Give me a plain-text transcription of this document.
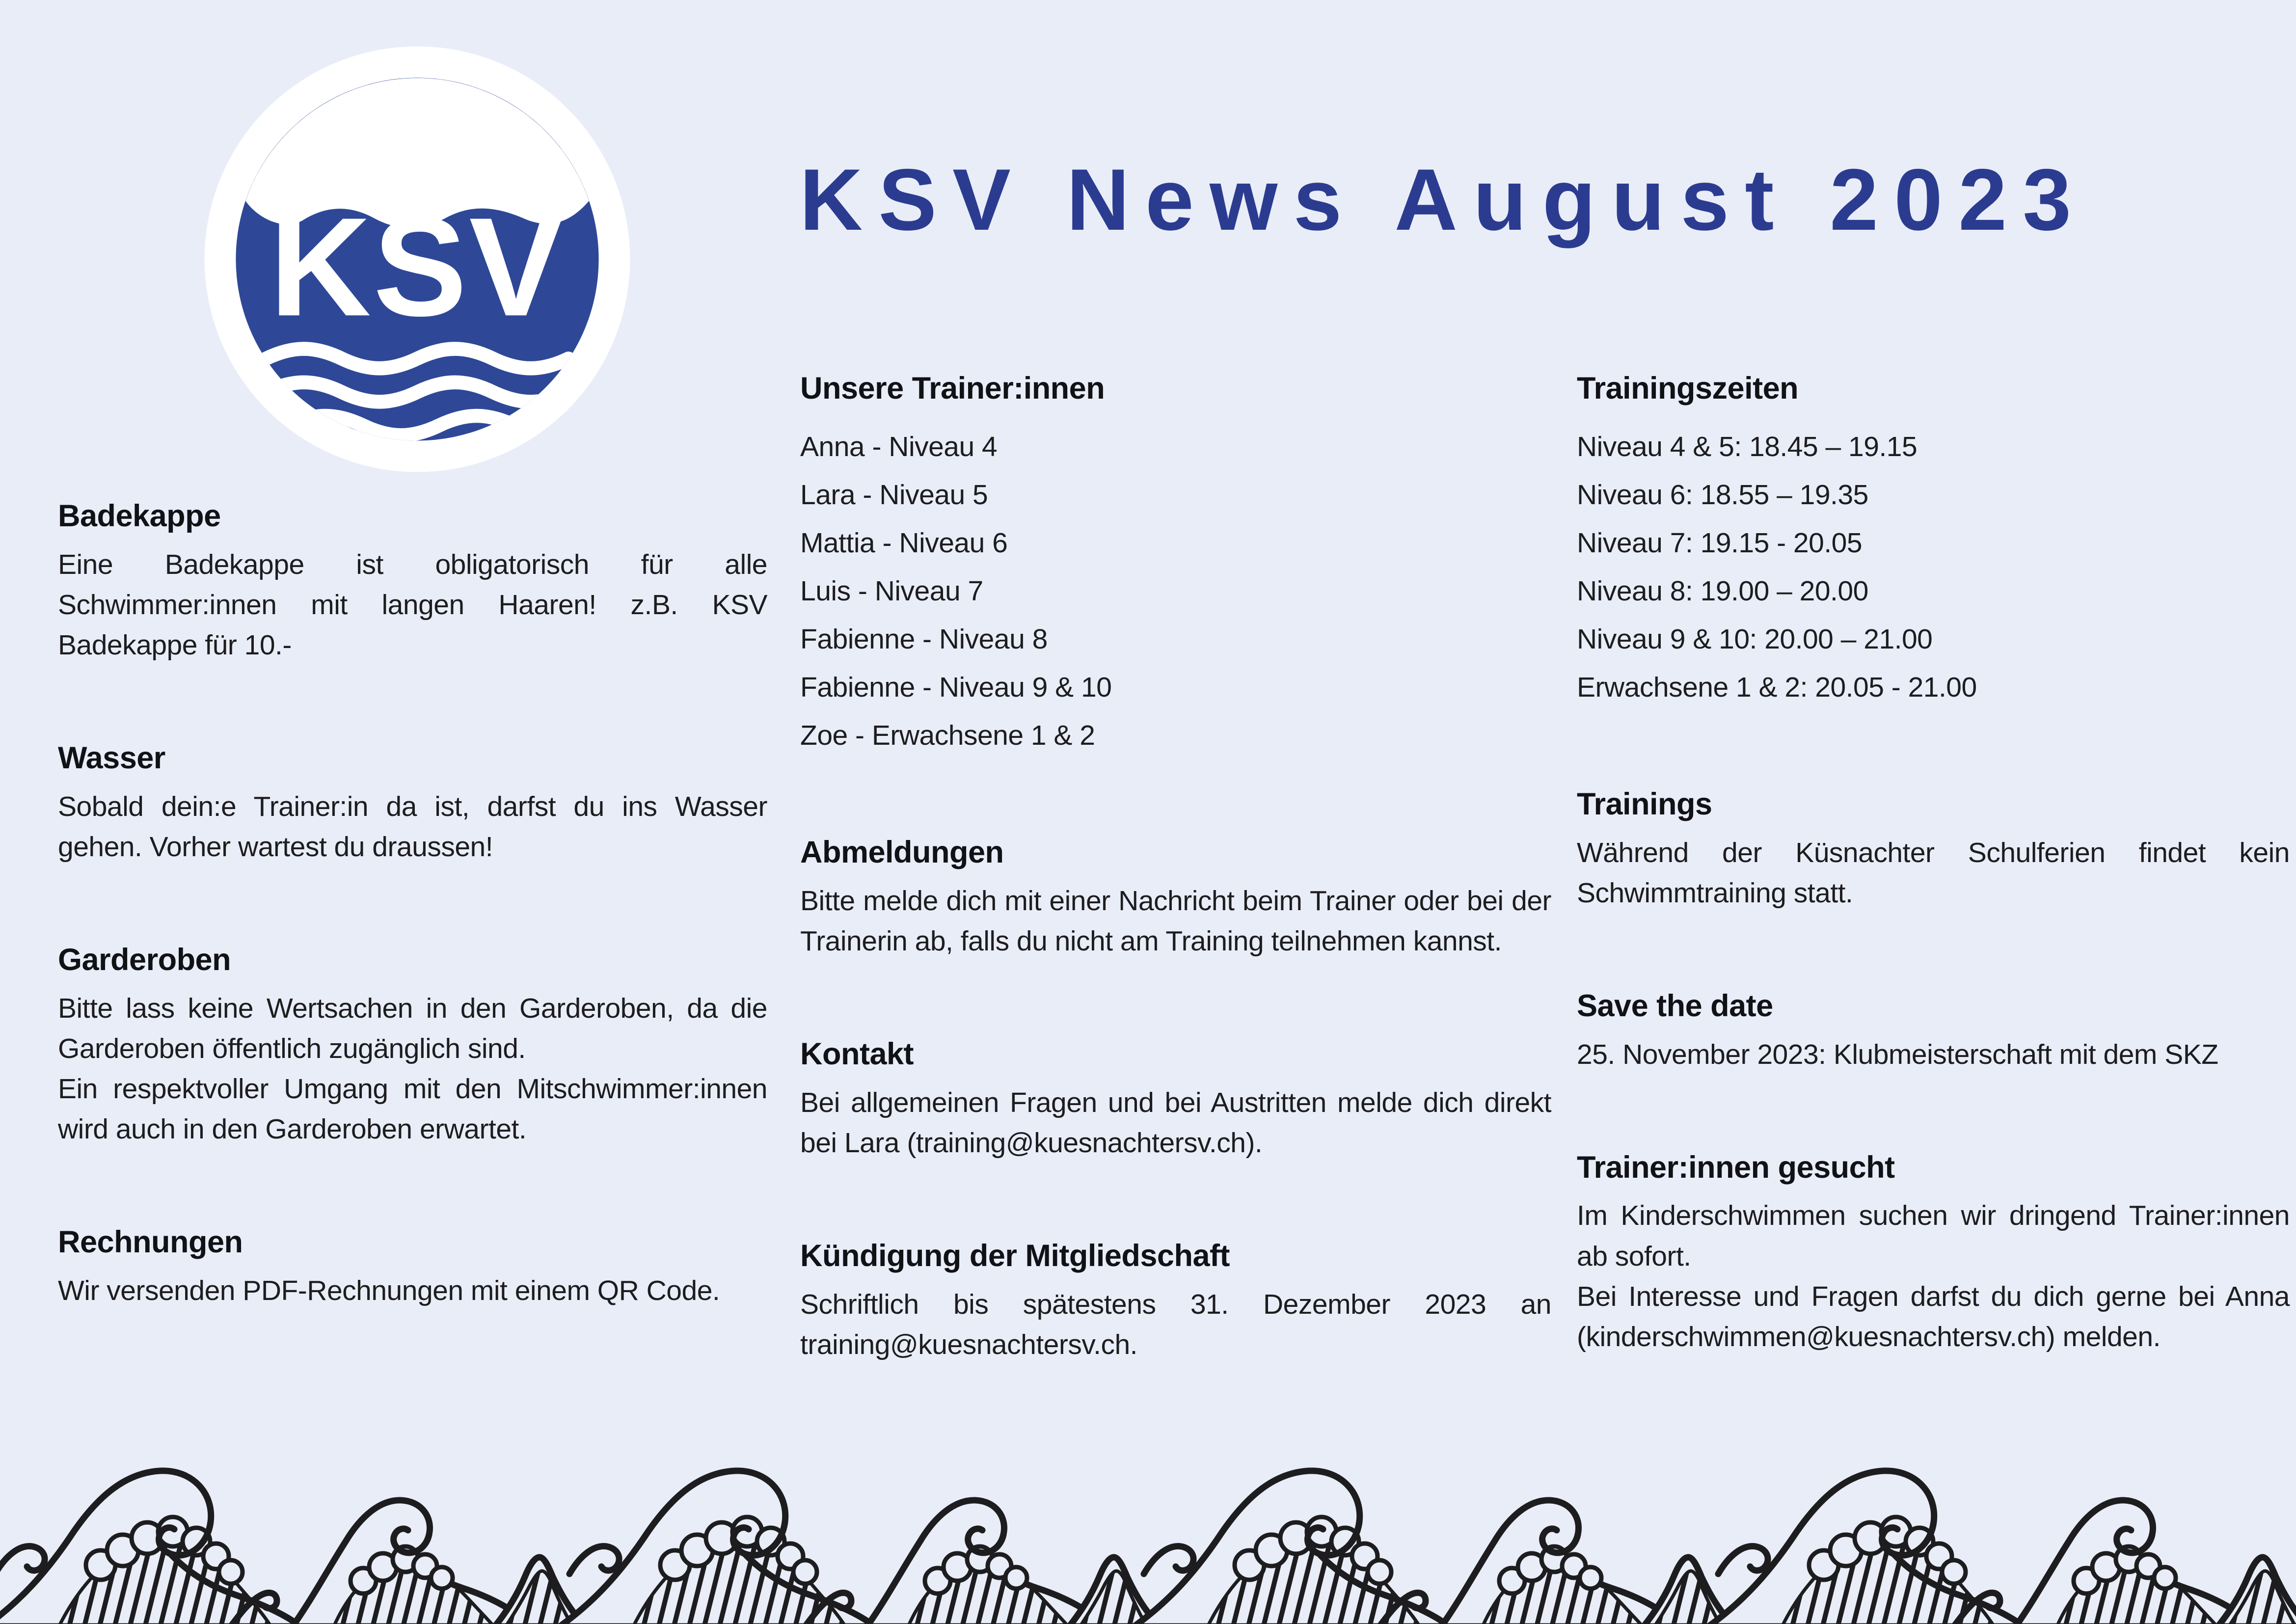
KSV	KSV News August 2023
Badekappe

Eine Badekappe ist obligatorisch für alle Schwimmer:innen mit langen Haaren! z.B. KSV Badekappe für 10.-

Wasser

Sobald dein:e Trainer:in da ist, darfst du ins Wasser gehen. Vorher wartest du draussen!

Garderoben

Bitte lass keine Wertsachen in den Garderoben, da die Garderoben öffentlich zugänglich sind.

Ein respektvoller Umgang mit den Mitschwimmer:innen wird auch in den Garderoben erwartet.

Rechnungen

Wir versenden PDF-Rechnungen mit einem QR Code.

Unsere Trainer:innen
Anna - Niveau 4
Lara - Niveau 5
Mattia - Niveau 6
Luis - Niveau 7
Fabienne - Niveau 8
Fabienne - Niveau 9 & 10
Zoe - Erwachsene 1 & 2
Abmeldungen

Bitte melde dich mit einer Nachricht beim Trainer oder bei der Trainerin ab, falls du nicht am Training teilnehmen kannst.

Kontakt

Bei allgemeinen Fragen und bei Austritten melde dich direkt bei Lara (training@kuesnachtersv.ch).

Kündigung der Mitgliedschaft

Schriftlich bis spätestens 31. Dezember 2023 an training@kuesnachtersv.ch.

Trainingszeiten
Niveau 4 & 5: 18.45 – 19.15
Niveau 6: 18.55 – 19.35
Niveau 7: 19.15 - 20.05
Niveau 8: 19.00 – 20.00
Niveau 9 & 10: 20.00 – 21.00
Erwachsene 1 & 2: 20.05 - 21.00
Trainings

Während der Küsnachter Schulferien findet kein Schwimmtraining statt.

Save the date

25. November 2023: Klubmeisterschaft mit dem SKZ

Trainer:innen gesucht

Im Kinderschwimmen suchen wir dringend Trainer:innen ab sofort.

Bei Interesse und Fragen darfst du dich gerne bei Anna (kinderschwimmen@kuesnachtersv.ch) melden.
